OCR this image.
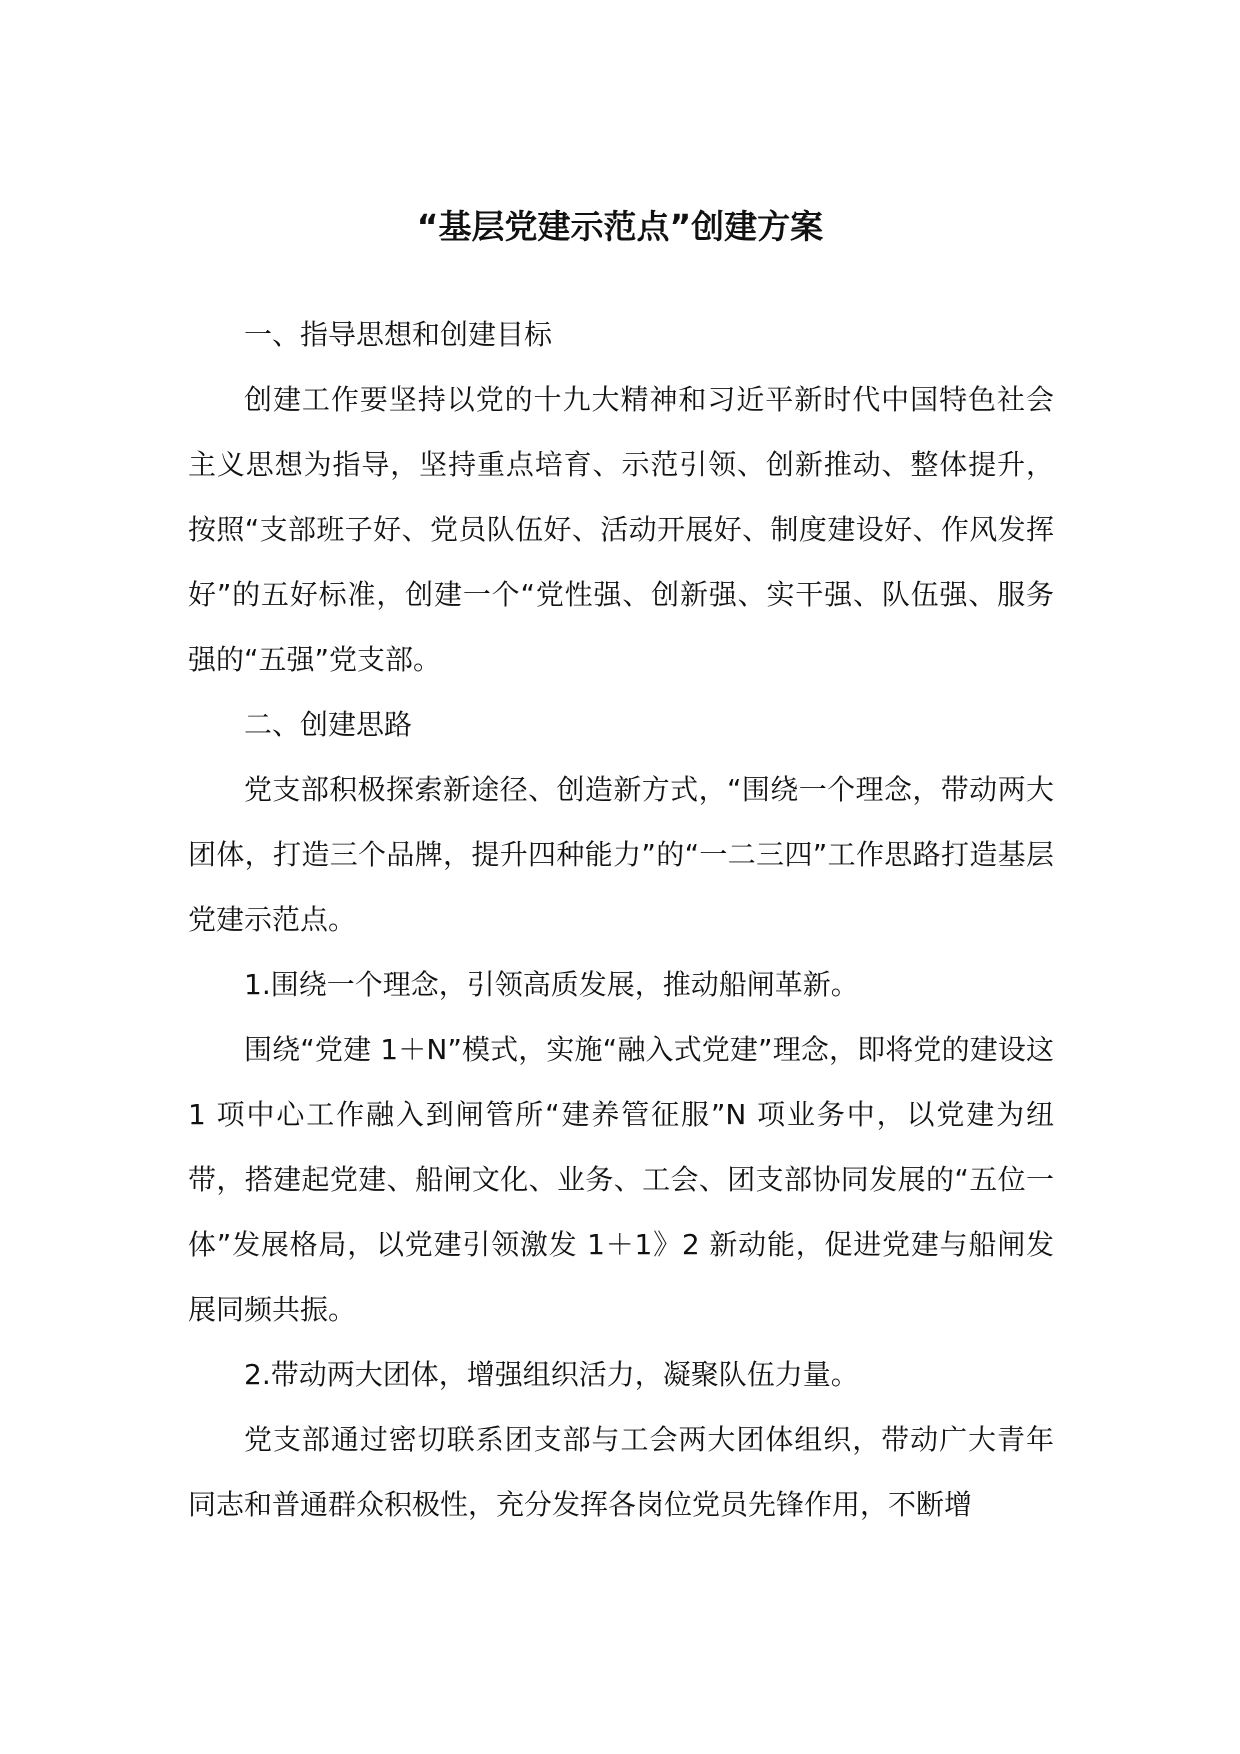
“基层党建示范点”创建方案

一、指导思想和创建目标

创建工作要坚持以党的十九大精神和习近平新时代中国特色社会主义思想为指导，坚持重点培育、示范引领、创新推动、整体提升，按照“支部班子好、党员队伍好、活动开展好、制度建设好、作风发挥好”的五好标准，创建一个“党性强、创新强、实干强、队伍强、服务强的“五强”党支部。

二、创建思路

党支部积极探索新途径、创造新方式，“围绕一个理念，带动两大团体，打造三个品牌，提升四种能力”的“一二三四”工作思路打造基层党建示范点。

1.围绕一个理念，引领高质发展，推动船闸革新。

围绕“党建 1＋N”模式，实施“融入式党建”理念，即将党的建设这 1 项中心工作融入到闸管所“建养管征服”N 项业务中，以党建为纽带，搭建起党建、船闸文化、业务、工会、团支部协同发展的“五位一体”发展格局，以党建引领激发 1＋1》2 新动能，促进党建与船闸发展同频共振。

2.带动两大团体，增强组织活力，凝聚队伍力量。

党支部通过密切联系团支部与工会两大团体组织，带动广大青年同志和普通群众积极性，充分发挥各岗位党员先锋作用，不断增
